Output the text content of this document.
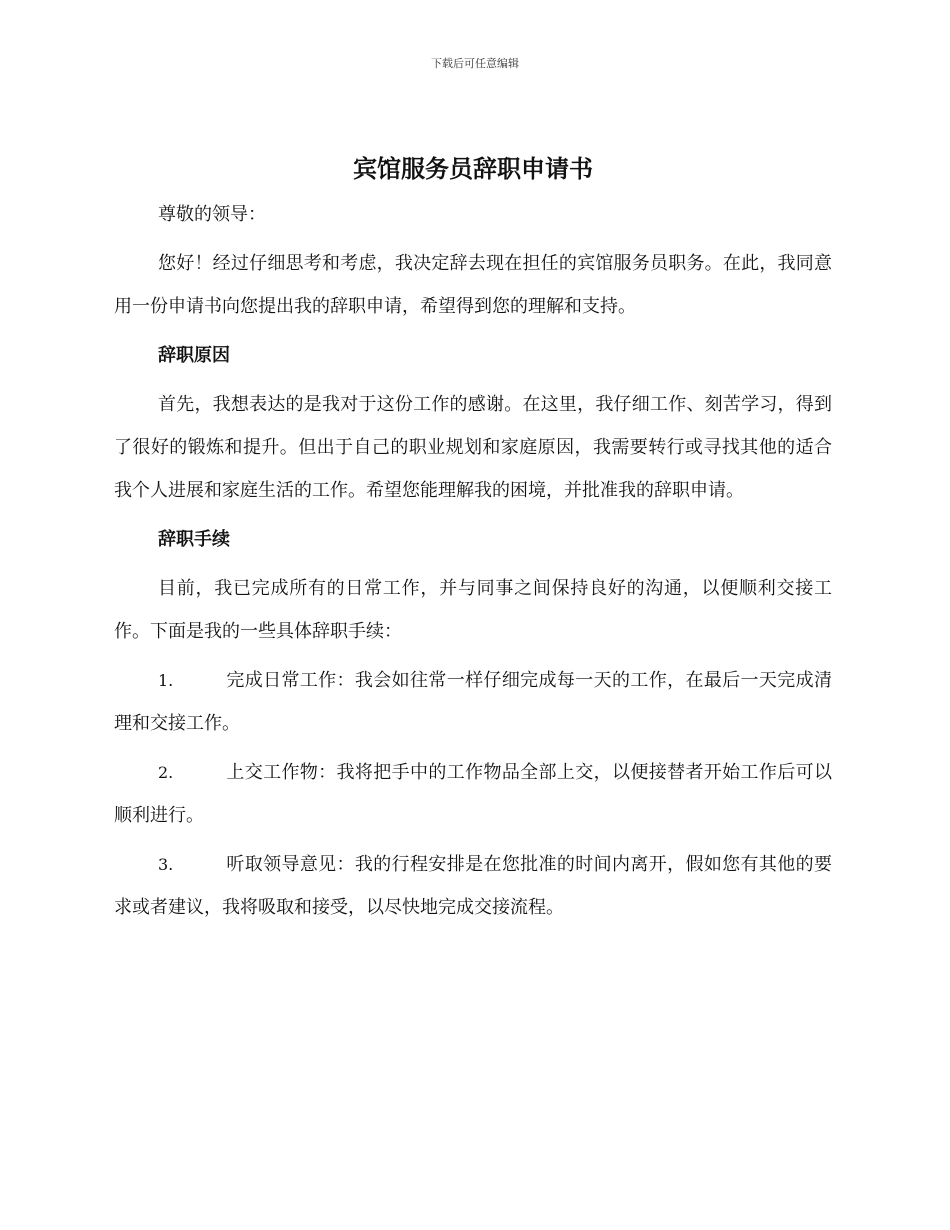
下载后可任意编辑
宾馆服务员辞职申请书

尊敬的领导：

您好！经过仔细思考和考虑，我决定辞去现在担任的宾馆服务员职务。在此，我同意用一份申请书向您提出我的辞职申请，希望得到您的理解和支持。

辞职原因

首先，我想表达的是我对于这份工作的感谢。在这里，我仔细工作、刻苦学习，得到了很好的锻炼和提升。但出于自己的职业规划和家庭原因，我需要转行或寻找其他的适合我个人进展和家庭生活的工作。希望您能理解我的困境，并批准我的辞职申请。

辞职手续

目前，我已完成所有的日常工作，并与同事之间保持良好的沟通，以便顺利交接工作。下面是我的一些具体辞职手续：

1.	完成日常工作：我会如往常一样仔细完成每一天的工作，在最后一天完成清理和交接工作。

2.	上交工作物：我将把手中的工作物品全部上交，以便接替者开始工作后可以顺利进行。

3.	听取领导意见：我的行程安排是在您批准的时间内离开，假如您有其他的要求或者建议，我将吸取和接受，以尽快地完成交接流程。
